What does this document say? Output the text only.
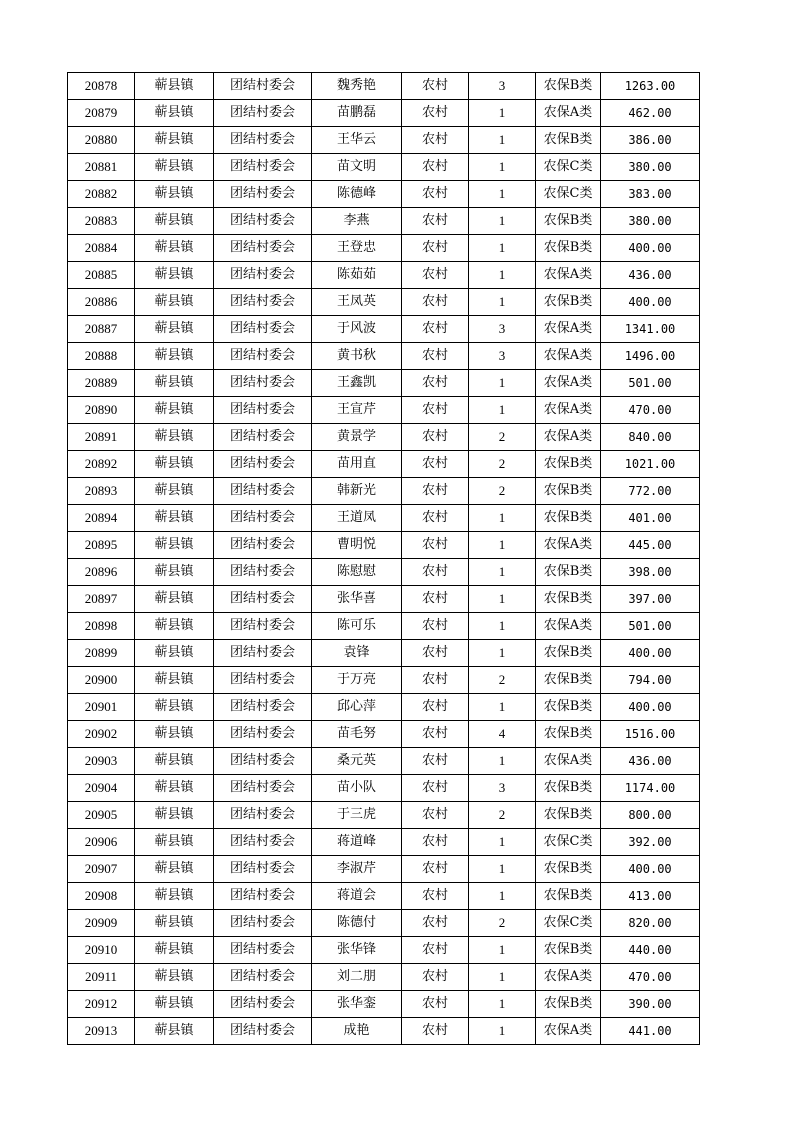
20878	蕲县镇	团结村委会	魏秀艳	农村	3	农保B类	1263.00
20879	蕲县镇	团结村委会	苗鹏磊	农村	1	农保A类	462.00
20880	蕲县镇	团结村委会	王华云	农村	1	农保B类	386.00
20881	蕲县镇	团结村委会	苗文明	农村	1	农保C类	380.00
20882	蕲县镇	团结村委会	陈德峰	农村	1	农保C类	383.00
20883	蕲县镇	团结村委会	李燕	农村	1	农保B类	380.00
20884	蕲县镇	团结村委会	王登忠	农村	1	农保B类	400.00
20885	蕲县镇	团结村委会	陈茹茹	农村	1	农保A类	436.00
20886	蕲县镇	团结村委会	王凤英	农村	1	农保B类	400.00
20887	蕲县镇	团结村委会	于风波	农村	3	农保A类	1341.00
20888	蕲县镇	团结村委会	黄书秋	农村	3	农保A类	1496.00
20889	蕲县镇	团结村委会	王鑫凯	农村	1	农保A类	501.00
20890	蕲县镇	团结村委会	王宣芹	农村	1	农保A类	470.00
20891	蕲县镇	团结村委会	黄景学	农村	2	农保A类	840.00
20892	蕲县镇	团结村委会	苗用直	农村	2	农保B类	1021.00
20893	蕲县镇	团结村委会	韩新光	农村	2	农保B类	772.00
20894	蕲县镇	团结村委会	王道凤	农村	1	农保B类	401.00
20895	蕲县镇	团结村委会	曹明悦	农村	1	农保A类	445.00
20896	蕲县镇	团结村委会	陈慰慰	农村	1	农保B类	398.00
20897	蕲县镇	团结村委会	张华喜	农村	1	农保B类	397.00
20898	蕲县镇	团结村委会	陈可乐	农村	1	农保A类	501.00
20899	蕲县镇	团结村委会	袁锋	农村	1	农保B类	400.00
20900	蕲县镇	团结村委会	于万亮	农村	2	农保B类	794.00
20901	蕲县镇	团结村委会	邱心萍	农村	1	农保B类	400.00
20902	蕲县镇	团结村委会	苗毛努	农村	4	农保B类	1516.00
20903	蕲县镇	团结村委会	桑元英	农村	1	农保A类	436.00
20904	蕲县镇	团结村委会	苗小队	农村	3	农保B类	1174.00
20905	蕲县镇	团结村委会	于三虎	农村	2	农保B类	800.00
20906	蕲县镇	团结村委会	蒋道峰	农村	1	农保C类	392.00
20907	蕲县镇	团结村委会	李淑芹	农村	1	农保B类	400.00
20908	蕲县镇	团结村委会	蒋道会	农村	1	农保B类	413.00
20909	蕲县镇	团结村委会	陈德付	农村	2	农保C类	820.00
20910	蕲县镇	团结村委会	张华锋	农村	1	农保B类	440.00
20911	蕲县镇	团结村委会	刘二朋	农村	1	农保A类	470.00
20912	蕲县镇	团结村委会	张华銮	农村	1	农保B类	390.00
20913	蕲县镇	团结村委会	成艳	农村	1	农保A类	441.00
